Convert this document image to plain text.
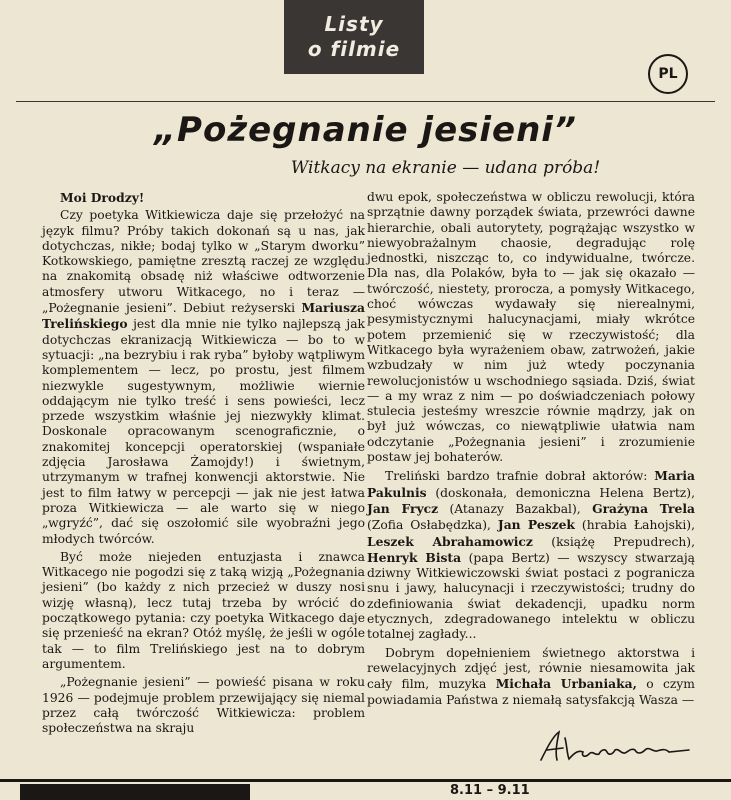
Listy
o filmie
PL
„Pożegnanie jesieni”
Witkacy na ekranie — udana próba!

Moi Drodzy!

Czy poetyka Witkiewicza daje się przełożyć na język filmu? Próby takich dokonań są u nas, jak dotychczas, nikłe; bodaj tylko w „Starym dworku” Kotkowskiego, pamiętne zresztą raczej ze względu na znakomitą obsadę niż właściwe odtworzenie atmosfery utworu Witkacego, no i teraz — „Pożegnanie jesieni”. Debiut reżyserski Mariusza Trelińskiego jest dla mnie nie tylko najlepszą jak dotychczas ekranizacją Witkiewicza — bo to w sytuacji: „na bezrybiu i rak ryba” byłoby wątpliwym komplementem — lecz, po prostu, jest filmem niezwykle sugestywnym, możliwie wiernie oddającym nie tylko treść i sens powieści, lecz przede wszystkim właśnie jej niezwykły klimat. Doskonale opracowanym scenograficznie, o znakomitej koncepcji operatorskiej (wspaniałe zdjęcia Jarosława Żamojdy!) i świetnym, utrzymanym w trafnej konwencji aktorstwie. Nie jest to film łatwy w percepcji — jak nie jest łatwa proza Witkiewicza — ale warto się w niego „wgryźć”, dać się oszołomić sile wyobraźni jego młodych twórców.

Być może niejeden entuzjasta i znawca Witkacego nie pogodzi się z taką wizją „Pożegnania jesieni” (bo każdy z nich przecież w duszy nosi wizję własną), lecz tutaj trzeba by wrócić do początkowego pytania: czy poetyka Witkacego daje się przenieść na ekran? Otóż myślę, że jeśli w ogóle tak — to film Trelińskiego jest na to dobrym argumentem.

„Pożegnanie jesieni” — powieść pisana w roku 1926 — podejmuje problem przewijający się niemal przez całą twórczość Witkiewicza: problem społeczeństwa na skraju

dwu epok, społeczeństwa w obliczu rewolucji, która sprzątnie dawny porządek świata, przewróci dawne hierarchie, obali autorytety, pogrążając wszystko w niewyobrażalnym chaosie, degradując rolę jednostki, niszcząc to, co indywidualne, twórcze. Dla nas, dla Polaków, była to — jak się okazało — twórczość, niestety, proroczа, a pomysły Witkacego, choć wówczas wydawały się nierealnymi, pesymistycznymi halucynacjami, miały wkrótce potem przemienić się w rzeczywistość; dla Witkacego była wyrażeniem obaw, zatrwożeń, jakie wzbudzały w nim już wtedy poczynania rewolucjonistów u wschodniego sąsiada. Dziś, świat — a my wraz z nim — po doświadczeniach połowy stulecia jesteśmy wreszcie równie mądrzy, jak on był już wówczas, co niewątpliwie ułatwia nam odczytanie „Pożegnania jesieni” i zrozumienie postaw jej bohaterów.

Treliński bardzo trafnie dobrał aktorów: Maria Pakulnis (doskonała, demoniczna Helena Bertz), Jan Frycz (Atanazy Bazakbal), Grażyna Trela (Zofia Osłabędzka), Jan Peszek (hrabia Łahojski), Leszek Abrahamowicz (książę Prepudrech), Henryk Bista (papa Bertz) — wszyscy stwarzają dziwny Witkiewiczowski świat postaci z pogranicza snu i jawy, halucynacji i rzeczywistości; trudny do zdefiniowania świat dekadencji, upadku norm etycznych, zdegradowanego intelektu w obliczu totalnej zagłady...

Dobrym dopełnieniem świetnego aktorstwa i rewelacyjnych zdjęć jest, równie niesamowita jak cały film, muzyka Michała Urbaniaka, o czym powiadamia Państwa z niemałą satysfakcją Wasza —

8.11 – 9.11
